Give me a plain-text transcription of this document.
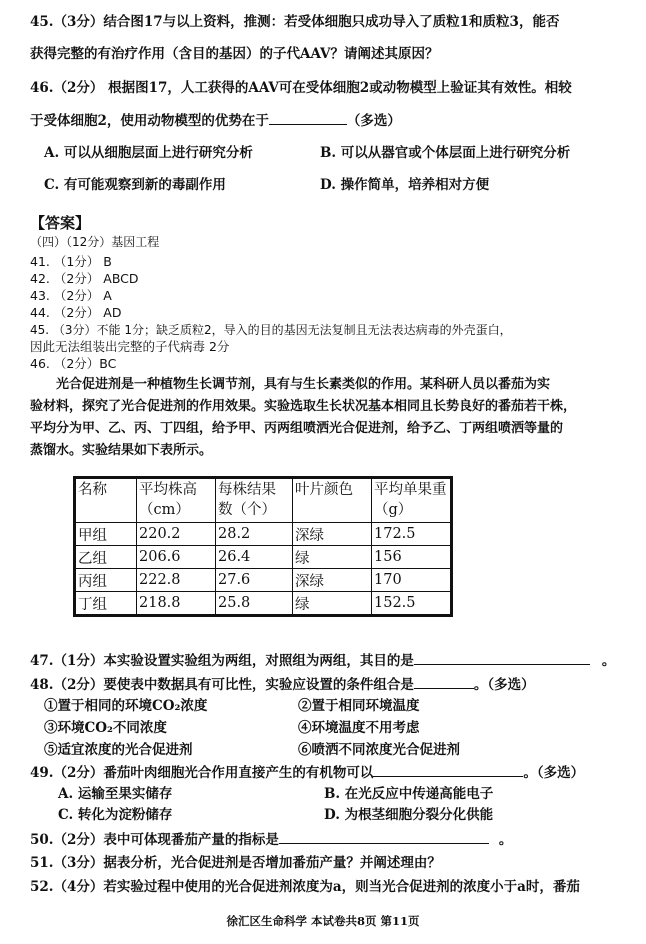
45.（3分）结合图17与以上资料，推测：若受体细胞只成功导入了质粒1和质粒3，能否
获得完整的有治疗作用（含目的基因）的子代AAV？请阐述其原因？
46.（2分） 根据图17，人工获得的AAV可在受体细胞2或动物模型上验证其有效性。相较
于受体细胞2，使用动物模型的优势在于	（多选）
A. 可以从细胞层面上进行研究分析	B. 可以从器官或个体层面上进行研究分析
C. 有可能观察到新的毒副作用	D. 操作简单，培养相对方便
【答案】
（四）（12分）基因工程
41. （1分） B
42. （2分） ABCD
43. （2分） A
44. （2分） AD
45. （3分）不能 1分；缺乏质粒2，导入的目的基因无法复制且无法表达病毒的外壳蛋白，
因此无法组装出完整的子代病毒 2分
46. （2分）BC
光合促进剂是一种植物生长调节剂，具有与生长素类似的作用。某科研人员以番茄为实
验材料，探究了光合促进剂的作用效果。实验选取生长状况基本相同且长势良好的番茄若干株，
平均分为甲、乙、丙、丁四组，给予甲、丙两组喷洒光合促进剂，给予乙、丁两组喷洒等量的
蒸馏水。实验结果如下表所示。
名称	平均株高（cm）	每株结果数（个）	叶片颜色	平均单果重（g）
甲组	220.2	28.2	深绿	172.5
乙组	206.6	26.4	绿	156
丙组	222.8	27.6	深绿	170
丁组	218.8	25.8	绿	152.5
47.（1分）本实验设置实验组为两组，对照组为两组，其目的是	。
48.（2分）要使表中数据具有可比性，实验应设置的条件组合是	。（多选）
①置于相同的环境CO₂浓度	②置于相同环境温度
③环境CO₂不同浓度	④环境温度不用考虑
⑤适宜浓度的光合促进剂	⑥喷洒不同浓度光合促进剂
49.（2分）番茄叶肉细胞光合作用直接产生的有机物可以	。（多选）
A. 运输至果实储存	B. 在光反应中传递高能电子
C. 转化为淀粉储存	D. 为根茎细胞分裂分化供能
50.（2分）表中可体现番茄产量的指标是	。
51.（3分）据表分析，光合促进剂是否增加番茄产量？并阐述理由？
52.（4分）若实验过程中使用的光合促进剂浓度为a，则当光合促进剂的浓度小于a时，番茄
徐汇区生命科学 本试卷共8页 第11页
